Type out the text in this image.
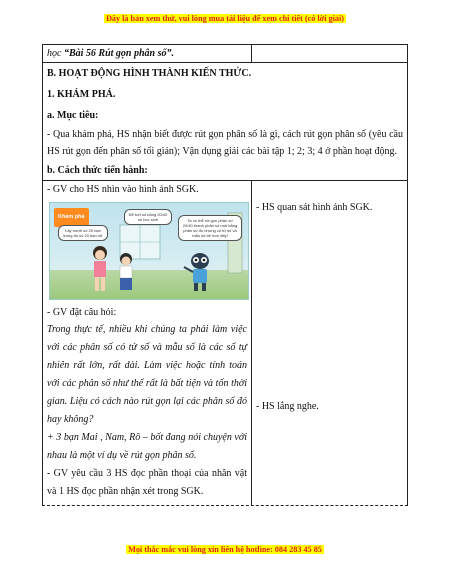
Đây là bản xem thử, vui lòng mua tài liệu để xem chi tiết (có lời giải)

học “Bài 56 Rút gọn phân số”.

B. HOẠT ĐỘNG HÌNH THÀNH KIẾN THỨC.

1. KHÁM PHÁ.

a. Mục tiêu:

- Qua khám phá, HS nhận biết được rút gọn phân số là gì, cách rút gọn phân số (yêu cầu HS rút gọn đến phân số tối giản); Vận dụng giải các bài tập 1; 2; 3; 4 ở phần hoạt động.

b. Cách thức tiến hành:

- GV cho HS nhìn vào hình ảnh SGK.

Khám phá
Lấy mười số 20 bạn trong đó có 20 bạn nữ
Để bớt số bằng 20/40 số học sinh	Ta có thể rút gọn phân số 20/40 thành phân số mới bằng phân số đó nhưng có tử số và mẫu số bé hơn đấy!

- GV đặt câu hỏi:

Trong thực tế, nhiều khi chúng ta phải làm việc với các phân số có tử số và mẫu số là các số tự nhiên rất lớn, rất dài. Làm việc hoặc tính toán với các phân số như thế rất là bất tiện và tốn thời gian. Liệu có cách nào rút gọn lại các phân số đó hay không?

+ 3 bạn Mai , Nam, Rô – bốt đang nói chuyện với nhau là một ví dụ về rút gọn phân số.

- GV yêu cầu 3 HS đọc phần thoại của nhân vật và 1 HS đọc phần nhận xét trong SGK.

- HS quan sát hình ảnh SGK.

- HS lắng nghe.

Mọi thắc mắc vui lòng xin liên hệ hotline: 084 283 45 85
